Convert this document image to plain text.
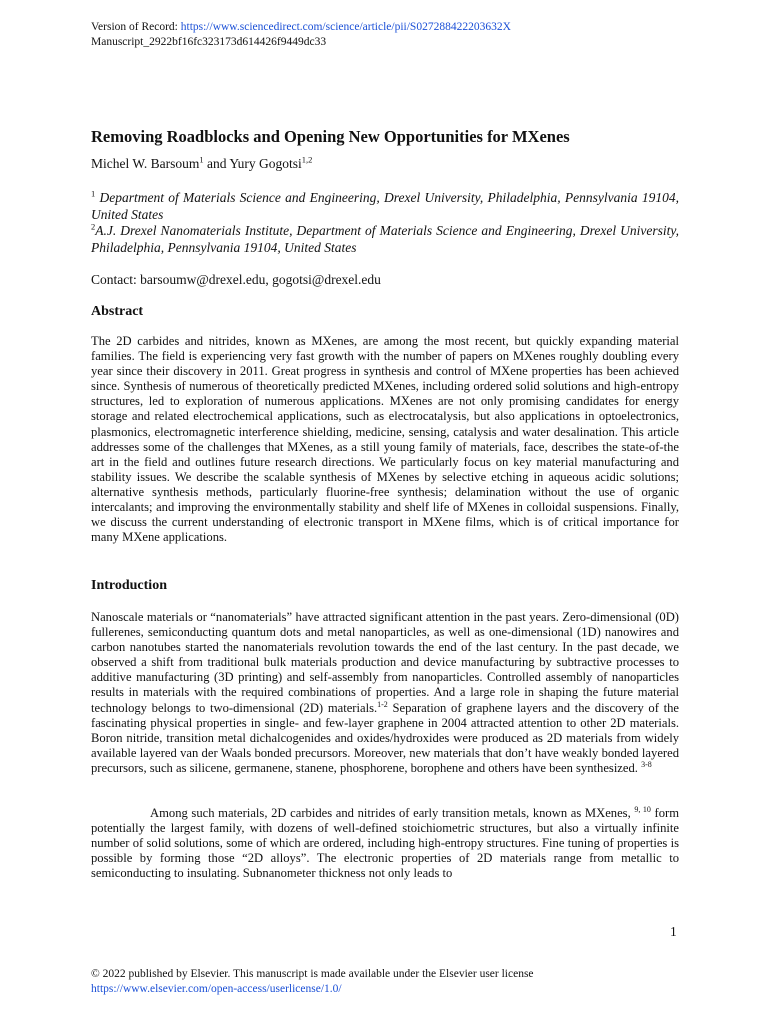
Version of Record: https://www.sciencedirect.com/science/article/pii/S027288422203632X
Manuscript_2922bf16fc323173d614426f9449dc33
Removing Roadblocks and Opening New Opportunities for MXenes
Michel W. Barsoum$^1$ and Yury Gogotsi$^{1,2}$
$^1$ Department of Materials Science and Engineering, Drexel University, Philadelphia, Pennsylvania 19104, United States
$^2$A.J. Drexel Nanomaterials Institute, Department of Materials Science and Engineering, Drexel University, Philadelphia, Pennsylvania 19104, United States
Contact: barsoumw@drexel.edu, gogotsi@drexel.edu
Abstract
The 2D carbides and nitrides, known as MXenes, are among the most recent, but quickly expanding material families. The field is experiencing very fast growth with the number of papers on MXenes roughly doubling every year since their discovery in 2011. Great progress in synthesis and control of MXene properties has been achieved since. Synthesis of numerous of theoretically predicted MXenes, including ordered solid solutions and high-entropy structures, led to exploration of numerous applications. MXenes are not only promising candidates for energy storage and related electrochemical applications, such as electrocatalysis, but also applications in optoelectronics, plasmonics, electromagnetic interference shielding, medicine, sensing, catalysis and water desalination. This article addresses some of the challenges that MXenes, as a still young family of materials, face, describes the state-of-the art in the field and outlines future research directions. We particularly focus on key material manufacturing and stability issues. We describe the scalable synthesis of MXenes by selective etching in aqueous acidic solutions; alternative synthesis methods, particularly fluorine-free synthesis; delamination without the use of organic intercalants; and improving the environmentally stability and shelf life of MXenes in colloidal suspensions. Finally, we discuss the current understanding of electronic transport in MXene films, which is of critical importance for many MXene applications.
Introduction
Nanoscale materials or “nanomaterials” have attracted significant attention in the past years. Zero-dimensional (0D) fullerenes, semiconducting quantum dots and metal nanoparticles, as well as one-dimensional (1D) nanowires and carbon nanotubes started the nanomaterials revolution towards the end of the last century. In the past decade, we observed a shift from traditional bulk materials production and device manufacturing by subtractive processes to additive manufacturing (3D printing) and self-assembly from nanoparticles. Controlled assembly of nanoparticles results in materials with the required combinations of properties. And a large role in shaping the future material technology belongs to two-dimensional (2D) materials.$^{1-2}$ Separation of graphene layers and the discovery of the fascinating physical properties in single- and few-layer graphene in 2004 attracted attention to other 2D materials. Boron nitride, transition metal dichalcogenides and oxides/hydroxides were produced as 2D materials from widely available layered van der Waals bonded precursors. Moreover, new materials that don’t have weakly bonded layered precursors, such as silicene, germanene, stanene, phosphorene, borophene and others have been synthesized. $^{3-8}$
Among such materials, 2D carbides and nitrides of early transition metals, known as MXenes, $^{9, 10}$ form potentially the largest family, with dozens of well-defined stoichiometric structures, but also a virtually infinite number of solid solutions, some of which are ordered, including high-entropy structures. Fine tuning of properties is possible by forming those “2D alloys”. The electronic properties of 2D materials range from metallic to semiconducting to insulating. Subnanometer thickness not only leads to
1
© 2022 published by Elsevier. This manuscript is made available under the Elsevier user license
https://www.elsevier.com/open-access/userlicense/1.0/
